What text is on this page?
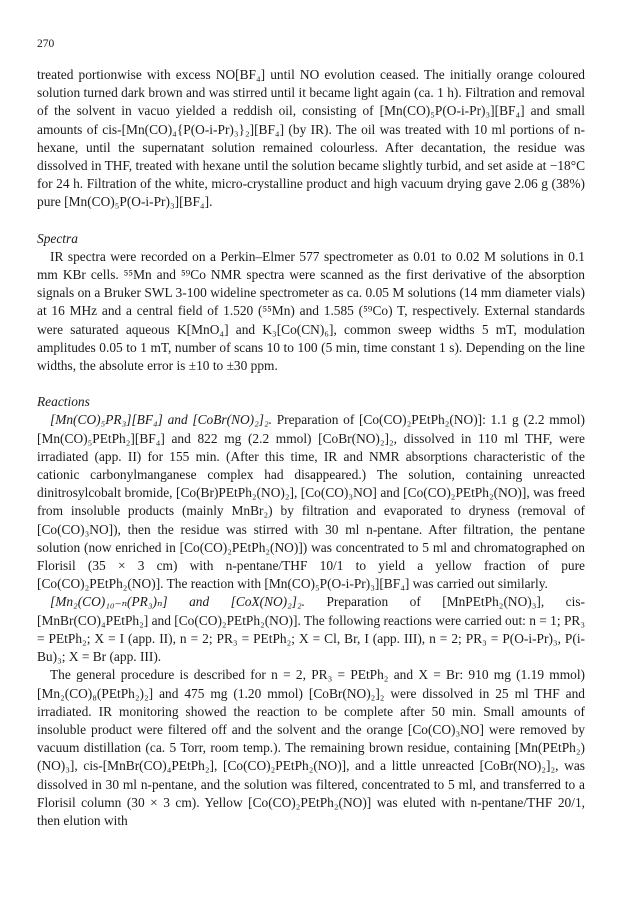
270

treated portionwise with excess NO[BF₄] until NO evolution ceased. The initially orange coloured solution turned dark brown and was stirred until it became light again (ca. 1 h). Filtration and removal of the solvent in vacuo yielded a reddish oil, consisting of [Mn(CO)₅P(O-i-Pr)₃][BF₄] and small amounts of cis-[Mn(CO)₄{P(O-i-Pr)₃}₂][BF₄] (by IR). The oil was treated with 10 ml portions of n-hexane, until the supernatant solution remained colourless. After decantation, the residue was dissolved in THF, treated with hexane until the solution became slightly turbid, and set aside at −18°C for 24 h. Filtration of the white, micro-crystalline product and high vacuum drying gave 2.06 g (38%) pure [Mn(CO)₅P(O-i-Pr)₃][BF₄].

Spectra

IR spectra were recorded on a Perkin–Elmer 577 spectrometer as 0.01 to 0.02 M solutions in 0.1 mm KBr cells. ⁵⁵Mn and ⁵⁹Co NMR spectra were scanned as the first derivative of the absorption signals on a Bruker SWL 3-100 wideline spectrometer as ca. 0.05 M solutions (14 mm diameter vials) at 16 MHz and a central field of 1.520 (⁵⁵Mn) and 1.585 (⁵⁹Co) T, respectively. External standards were saturated aqueous K[MnO₄] and K₃[Co(CN)₆], common sweep widths 5 mT, modulation amplitudes 0.05 to 1 mT, number of scans 10 to 100 (5 min, time constant 1 s). Depending on the line widths, the absolute error is ±10 to ±30 ppm.

Reactions

[Mn(CO)₅PR₃][BF₄] and [CoBr(NO)₂]₂. Preparation of [Co(CO)₂PEtPh₂(NO)]: 1.1 g (2.2 mmol) [Mn(CO)₅PEtPh₂][BF₄] and 822 mg (2.2 mmol) [CoBr(NO)₂]₂, dissolved in 110 ml THF, were irradiated (app. II) for 155 min. (After this time, IR and NMR absorptions characteristic of the cationic carbonylmanganese complex had disappeared.) The solution, containing unreacted dinitrosylcobalt bromide, [Co(Br)PEtPh₂(NO)₂], [Co(CO)₃NO] and [Co(CO)₂PEtPh₂(NO)], was freed from insoluble products (mainly MnBr₂) by filtration and evaporated to dryness (removal of [Co(CO)₃NO]), then the residue was stirred with 30 ml n-pentane. After filtration, the pentane solution (now enriched in [Co(CO)₂PEtPh₂(NO)]) was concentrated to 5 ml and chromatographed on Florisil (35 × 3 cm) with n-pentane/THF 10/1 to yield a yellow fraction of pure [Co(CO)₂PEtPh₂(NO)]. The reaction with [Mn(CO)₅P(O-i-Pr)₃][BF₄] was carried out similarly.

[Mn₂(CO)₁₀₋ₙ(PR₃)ₙ] and [CoX(NO)₂]₂. Preparation of [MnPEtPh₂(NO)₃], cis-[MnBr(CO)₄PEtPh₂] and [Co(CO)₂PEtPh₂(NO)]. The following reactions were carried out: n = 1; PR₃ = PEtPh₂; X = I (app. II), n = 2; PR₃ = PEtPh₂; X = Cl, Br, I (app. III), n = 2; PR₃ = P(O-i-Pr)₃, P(i-Bu)₃; X = Br (app. III).

The general procedure is described for n = 2, PR₃ = PEtPh₂ and X = Br: 910 mg (1.19 mmol) [Mn₂(CO)₈(PEtPh₂)₂] and 475 mg (1.20 mmol) [CoBr(NO)₂]₂ were dissolved in 25 ml THF and irradiated. IR monitoring showed the reaction to be complete after 50 min. Small amounts of insoluble product were filtered off and the solvent and the orange [Co(CO)₃NO] were removed by vacuum distillation (ca. 5 Torr, room temp.). The remaining brown residue, containing [Mn(PEtPh₂)(NO)₃], cis-[MnBr(CO)₄PEtPh₂], [Co(CO)₂PEtPh₂(NO)], and a little unreacted [CoBr(NO)₂]₂, was dissolved in 30 ml n-pentane, and the solution was filtered, concentrated to 5 ml, and transferred to a Florisil column (30 × 3 cm). Yellow [Co(CO)₂PEtPh₂(NO)] was eluted with n-pentane/THF 20/1, then elution with
